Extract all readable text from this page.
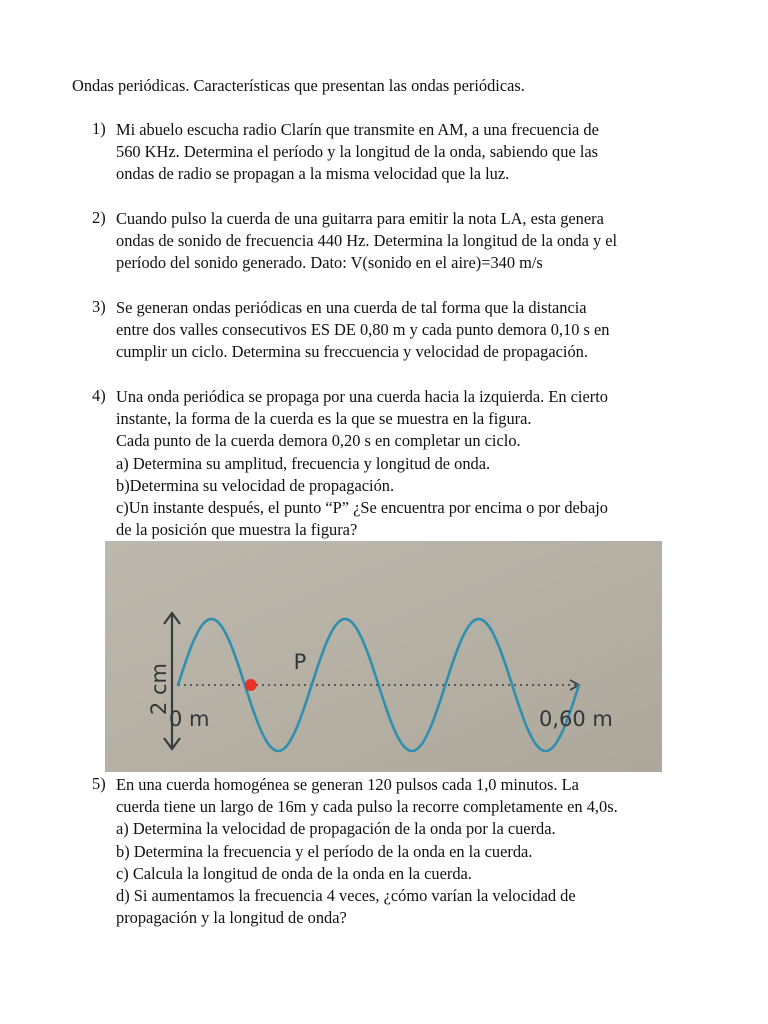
Ondas periódicas. Características que presentan las ondas periódicas.
1) Mi abuelo escucha radio Clarín que transmite en AM, a una frecuencia de
560 KHz. Determina el período y la longitud de la onda, sabiendo que las
ondas de radio se propagan a la misma velocidad que la luz.
2) Cuando pulso la cuerda de una guitarra para emitir la nota LA, esta genera
ondas de sonido de frecuencia 440 Hz. Determina la longitud de la onda y el
período del sonido generado. Dato: V(sonido en el aire)=340 m/s
3) Se generan ondas periódicas en una cuerda de tal forma que la distancia
entre dos valles consecutivos ES DE 0,80 m y cada punto demora 0,10 s en
cumplir un ciclo. Determina su freccuencia y velocidad de propagación.
4) Una onda periódica se propaga por una cuerda hacia la izquierda. En cierto
instante, la forma de la cuerda es la que se muestra en la figura.
Cada punto de la cuerda demora 0,20 s en completar un ciclo.
a) Determina su amplitud, frecuencia y longitud de onda.
b)Determina su velocidad de propagación.
c)Un instante después, el punto “P” ¿Se encuentra por encima o por debajo
de la posición que muestra la figura?
2 cm
P
0 m	0,60 m
5) En una cuerda homogénea se generan 120 pulsos cada 1,0 minutos. La
cuerda tiene un largo de 16m y cada pulso la recorre completamente en 4,0s.
a) Determina la velocidad de propagación de la onda por la cuerda.
b) Determina la frecuencia y el período de la onda en la cuerda.
c) Calcula la longitud de onda de la onda en la cuerda.
d) Si aumentamos la frecuencia 4 veces, ¿cómo varían la velocidad de
propagación y la longitud de onda?
